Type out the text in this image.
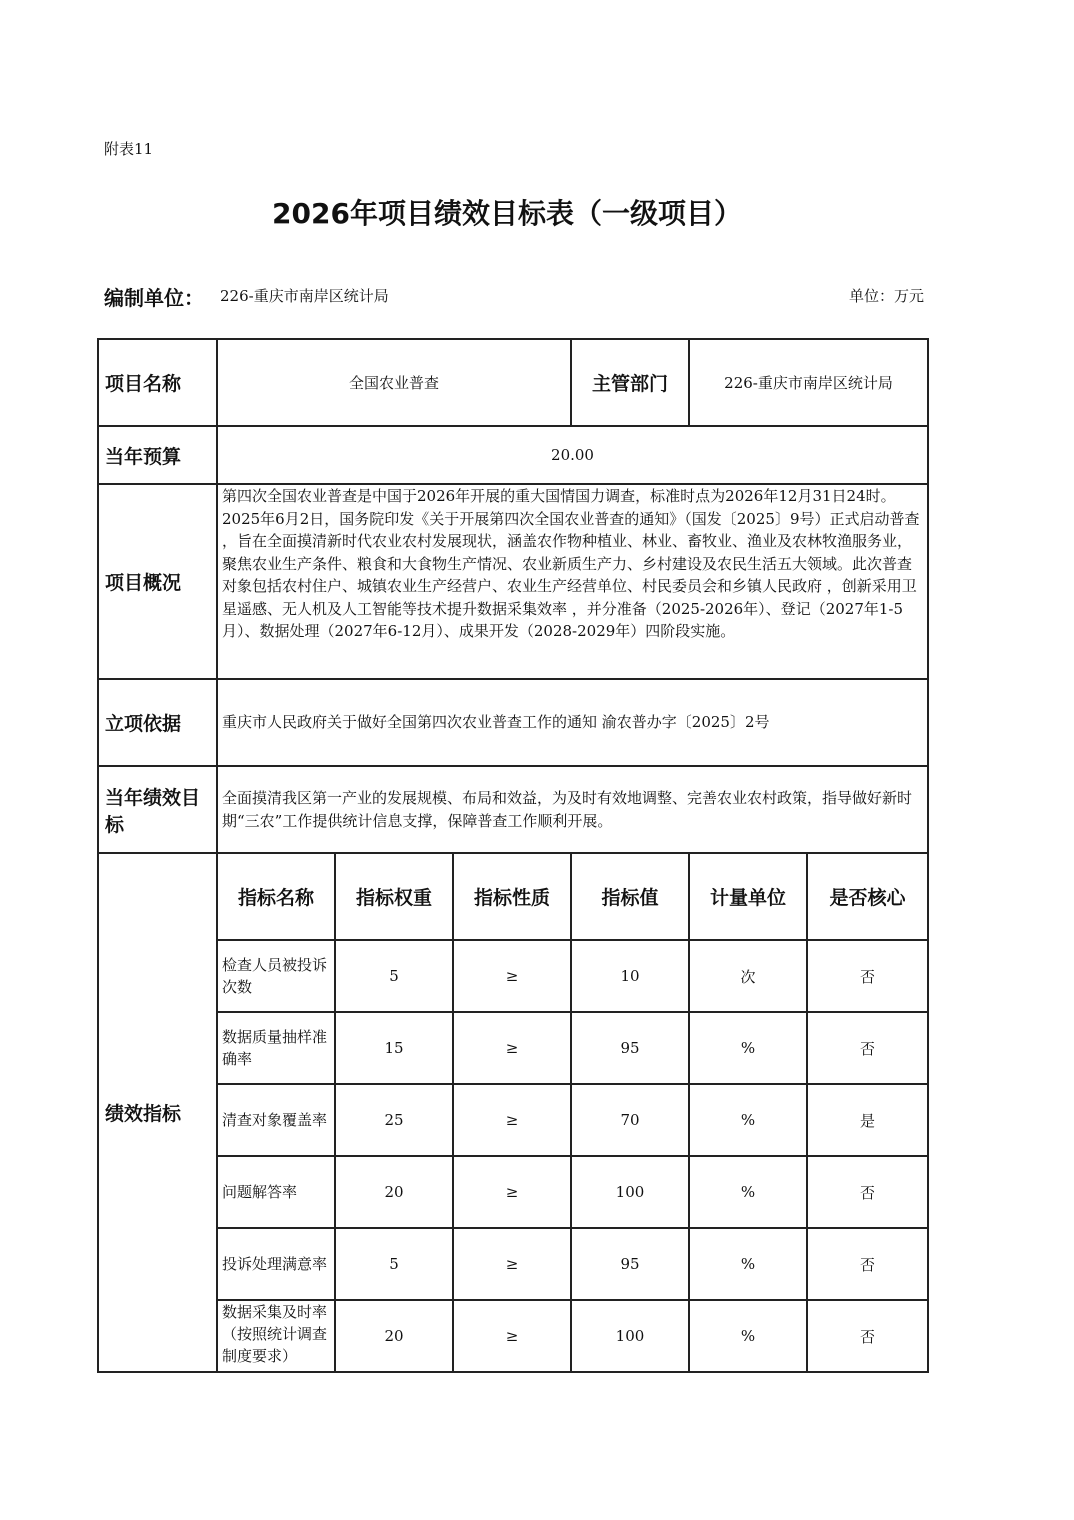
附表11
2026年项目绩效目标表（一级项目）
编制单位： 226-重庆市南岸区统计局	单位：万元
项目名称	全国农业普查			主管部门	226-重庆市南岸区统计局	
当年预算	20.00					
项目概况	第四次全国农业普查是中国于2026年开展的重大国情国力调查，标准时点为2026年12月31日24时。2025年6月2日，国务院印发《关于开展第四次全国农业普查的通知》（国发〔2025〕9号）正式启动普查 ，旨在全面摸清新时代农业农村发展现状，涵盖农作物种植业、林业、畜牧业、渔业及农林牧渔服务业，聚焦农业生产条件、粮食和大食物生产情况、农业新质生产力、乡村建设及农民生活五大领域。此次普查对象包括农村住户、城镇农业生产经营户、农业生产经营单位、村民委员会和乡镇人民政府 ，创新采用卫星遥感、无人机及人工智能等技术提升数据采集效率 ，并分准备（2025-2026年）、登记（2027年1-5月）、数据处理（2027年6-12月）、成果开发（2028-2029年）四阶段实施。					
立项依据	重庆市人民政府关于做好全国第四次农业普查工作的通知 渝农普办字〔2025〕2号					
当年绩效目标	全面摸清我区第一产业的发展规模、布局和效益，为及时有效地调整、完善农业农村政策，指导做好新时期“三农”工作提供统计信息支撑，保障普查工作顺利开展。					
绩效指标	指标名称	指标权重	指标性质	指标值	计量单位	是否核心
	检查人员被投诉次数	5	≥	10	次	否
	数据质量抽样准确率	15	≥	95	%	否
	清查对象覆盖率	25	≥	70	%	是
	问题解答率	20	≥	100	%	否
	投诉处理满意率	5	≥	95	%	否

	数据采集及时率（按照统计调查制度要求）	20	≥	100	%	否
